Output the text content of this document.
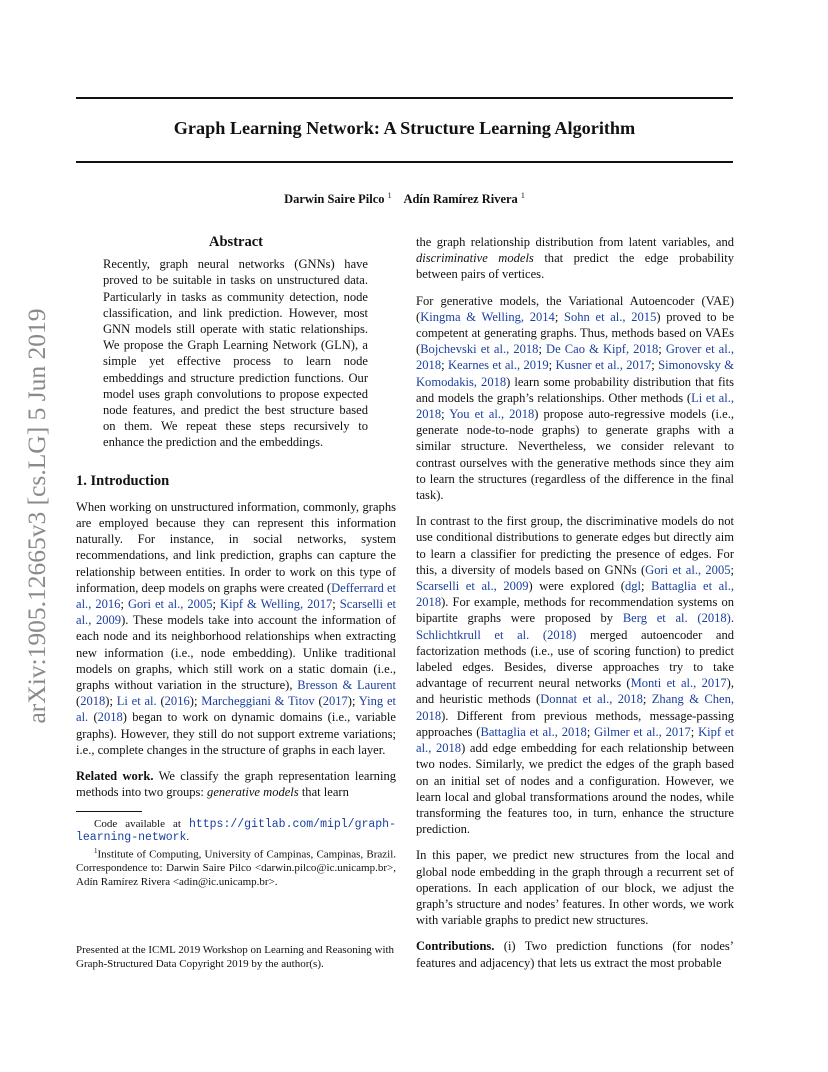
Graph Learning Network: A Structure Learning Algorithm
Darwin Saire Pilco $^1$ Adín Ramírez Rivera $^1$
arXiv:1905.12665v3 [cs.LG] 5 Jun 2019
Abstract

Recently, graph neural networks (GNNs) have proved to be suitable in tasks on unstructured data. Particularly in tasks as community detection, node classification, and link prediction. However, most GNN models still operate with static relationships. We propose the Graph Learning Network (GLN), a simple yet effective process to learn node embeddings and structure prediction functions. Our model uses graph convolutions to propose expected node features, and predict the best structure based on them. We repeat these steps recursively to enhance the prediction and the embeddings.

1. Introduction

When working on unstructured information, commonly, graphs are employed because they can represent this information naturally. For instance, in social networks, system recommendations, and link prediction, graphs can capture the relationship between entities. In order to work on this type of information, deep models on graphs were created (Defferrard et al., 2016; Gori et al., 2005; Kipf & Welling, 2017; Scarselli et al., 2009). These models take into account the information of each node and its neighborhood relationships when extracting new information (i.e., node embedding). Unlike traditional models on graphs, which still work on a static domain (i.e., graphs without variation in the structure), Bresson & Laurent (2018); Li et al. (2016); Marcheggiani & Titov (2017); Ying et al. (2018) began to work on dynamic domains (i.e., variable graphs). However, they still do not support extreme variations; i.e., complete changes in the structure of graphs in each layer.

Related work. We classify the graph representation learning methods into two groups: generative models that learn

Code available at https://gitlab.com/mipl/graph-learning-network.

$^1$Institute of Computing, University of Campinas, Campinas, Brazil. Correspondence to: Darwin Saire Pilco <darwin.pilco@ic.unicamp.br>, Adín Ramírez Rivera <adin@ic.unicamp.br>.

Presented at the ICML 2019 Workshop on Learning and Reasoning with Graph-Structured Data Copyright 2019 by the author(s).

the graph relationship distribution from latent variables, and discriminative models that predict the edge probability between pairs of vertices.

For generative models, the Variational Autoencoder (VAE) (Kingma & Welling, 2014; Sohn et al., 2015) proved to be competent at generating graphs. Thus, methods based on VAEs (Bojchevski et al., 2018; De Cao & Kipf, 2018; Grover et al., 2018; Kearnes et al., 2019; Kusner et al., 2017; Simonovsky & Komodakis, 2018) learn some probability distribution that fits and models the graph’s relationships. Other methods (Li et al., 2018; You et al., 2018) propose auto-regressive models (i.e., generate node-to-node graphs) to generate graphs with a similar structure. Nevertheless, we consider relevant to contrast ourselves with the generative methods since they aim to learn the structures (regardless of the difference in the final task).

In contrast to the first group, the discriminative models do not use conditional distributions to generate edges but directly aim to learn a classifier for predicting the presence of edges. For this, a diversity of models based on GNNs (Gori et al., 2005; Scarselli et al., 2009) were explored (dgl; Battaglia et al., 2018). For example, methods for recommendation systems on bipartite graphs were proposed by Berg et al. (2018). Schlichtkrull et al. (2018) merged autoencoder and factorization methods (i.e., use of scoring function) to predict labeled edges. Besides, diverse approaches try to take advantage of recurrent neural networks (Monti et al., 2017), and heuristic methods (Donnat et al., 2018; Zhang & Chen, 2018). Different from previous methods, message-passing approaches (Battaglia et al., 2018; Gilmer et al., 2017; Kipf et al., 2018) add edge embedding for each relationship between two nodes. Similarly, we predict the edges of the graph based on an initial set of nodes and a configuration. However, we learn local and global transformations around the nodes, while transforming the features too, in turn, enhance the structure prediction.

In this paper, we predict new structures from the local and global node embedding in the graph through a recurrent set of operations. In each application of our block, we adjust the graph’s structure and nodes’ features. In other words, we work with variable graphs to predict new structures.

Contributions. (i) Two prediction functions (for nodes’ features and adjacency) that lets us extract the most probable
